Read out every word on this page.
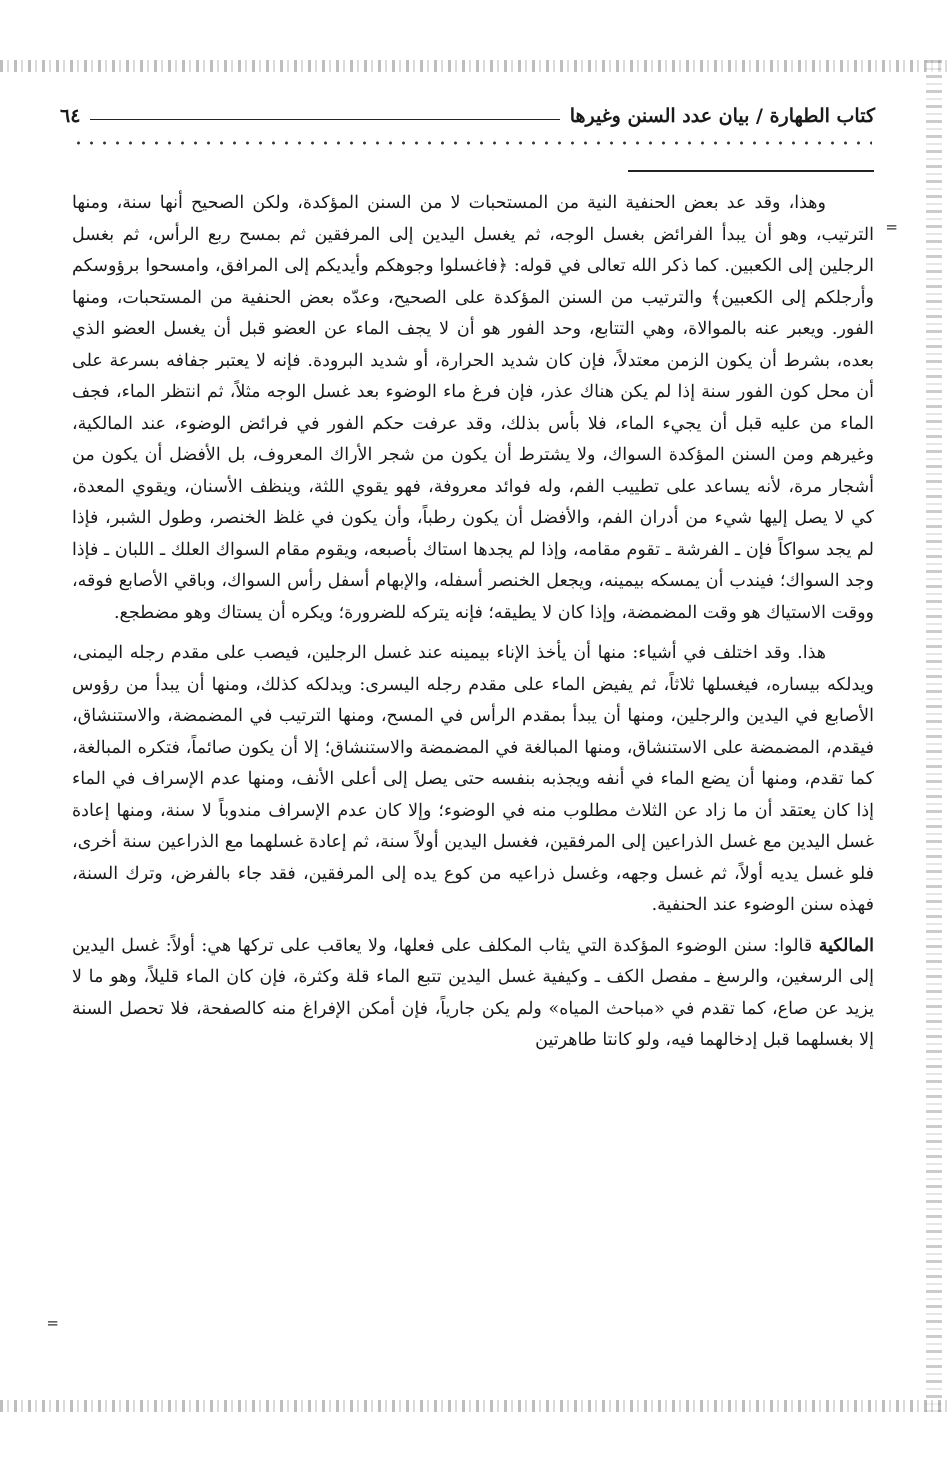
كتاب الطهارة / بيان عدد السنن وغيرها
٦٤
=

وهذا، وقد عد بعض الحنفية النية من المستحبات لا من السنن المؤكدة، ولكن الصحيح أنها سنة، ومنها الترتيب، وهو أن يبدأ الفرائض بغسل الوجه، ثم يغسل اليدين إلى المرفقين ثم بمسح ربع الرأس، ثم بغسل الرجلين إلى الكعبين. كما ذكر الله تعالى في قوله: ﴿فاغسلوا وجوهكم وأيديكم إلى المرافق، وامسحوا برؤوسكم وأرجلكم إلى الكعبين﴾ والترتيب من السنن المؤكدة على الصحيح، وعدّه بعض الحنفية من المستحبات، ومنها الفور. ويعبر عنه بالموالاة، وهي التتابع، وحد الفور هو أن لا يجف الماء عن العضو قبل أن يغسل العضو الذي بعده، بشرط أن يكون الزمن معتدلاً، فإن كان شديد الحرارة، أو شديد البرودة. فإنه لا يعتبر جفافه بسرعة على أن محل كون الفور سنة إذا لم يكن هناك عذر، فإن فرغ ماء الوضوء بعد غسل الوجه مثلاً، ثم انتظر الماء، فجف الماء من عليه قبل أن يجيء الماء، فلا بأس بذلك، وقد عرفت حكم الفور في فرائض الوضوء، عند المالكية، وغيرهم ومن السنن المؤكدة السواك، ولا يشترط أن يكون من شجر الأراك المعروف، بل الأفضل أن يكون من أشجار مرة، لأنه يساعد على تطييب الفم، وله فوائد معروفة، فهو يقوي اللثة، وينظف الأسنان، ويقوي المعدة، كي لا يصل إليها شيء من أدران الفم، والأفضل أن يكون رطباً، وأن يكون في غلظ الخنصر، وطول الشبر، فإذا لم يجد سواكاً فإن ـ الفرشة ـ تقوم مقامه، وإذا لم يجدها استاك بأصبعه، ويقوم مقام السواك العلك ـ اللبان ـ فإذا وجد السواك؛ فيندب أن يمسكه بيمينه، ويجعل الخنصر أسفله، والإبهام أسفل رأس السواك، وباقي الأصابع فوقه، ووقت الاستياك هو وقت المضمضة، وإذا كان لا يطيقه؛ فإنه يتركه للضرورة؛ ويكره أن يستاك وهو مضطجع.

هذا. وقد اختلف في أشياء: منها أن يأخذ الإناء بيمينه عند غسل الرجلين، فيصب على مقدم رجله اليمنى، ويدلكه بيساره، فيغسلها ثلاثاً، ثم يفيض الماء على مقدم رجله اليسرى: ويدلكه كذلك، ومنها أن يبدأ من رؤوس الأصابع في اليدين والرجلين، ومنها أن يبدأ بمقدم الرأس في المسح، ومنها الترتيب في المضمضة، والاستنشاق، فيقدم، المضمضة على الاستنشاق، ومنها المبالغة في المضمضة والاستنشاق؛ إلا أن يكون صائماً، فتكره المبالغة، كما تقدم، ومنها أن يضع الماء في أنفه ويجذبه بنفسه حتى يصل إلى أعلى الأنف، ومنها عدم الإسراف في الماء إذا كان يعتقد أن ما زاد عن الثلاث مطلوب منه في الوضوء؛ وإلا كان عدم الإسراف مندوباً لا سنة، ومنها إعادة غسل اليدين مع غسل الذراعين إلى المرفقين، فغسل اليدين أولاً سنة، ثم إعادة غسلهما مع الذراعين سنة أخرى، فلو غسل يديه أولاً، ثم غسل وجهه، وغسل ذراعيه من كوع يده إلى المرفقين، فقد جاء بالفرض، وترك السنة، فهذه سنن الوضوء عند الحنفية.

المالكية قالوا: سنن الوضوء المؤكدة التي يثاب المكلف على فعلها، ولا يعاقب على تركها هي: أولاً: غسل اليدين إلى الرسغين، والرسغ ـ مفصل الكف ـ وكيفية غسل اليدين تتبع الماء قلة وكثرة، فإن كان الماء قليلاً، وهو ما لا يزيد عن صاع، كما تقدم في «مباحث المياه» ولم يكن جارياً، فإن أمكن الإفراغ منه كالصفحة، فلا تحصل السنة إلا بغسلهما قبل إدخالهما فيه، ولو كانتا طاهرتين

=
